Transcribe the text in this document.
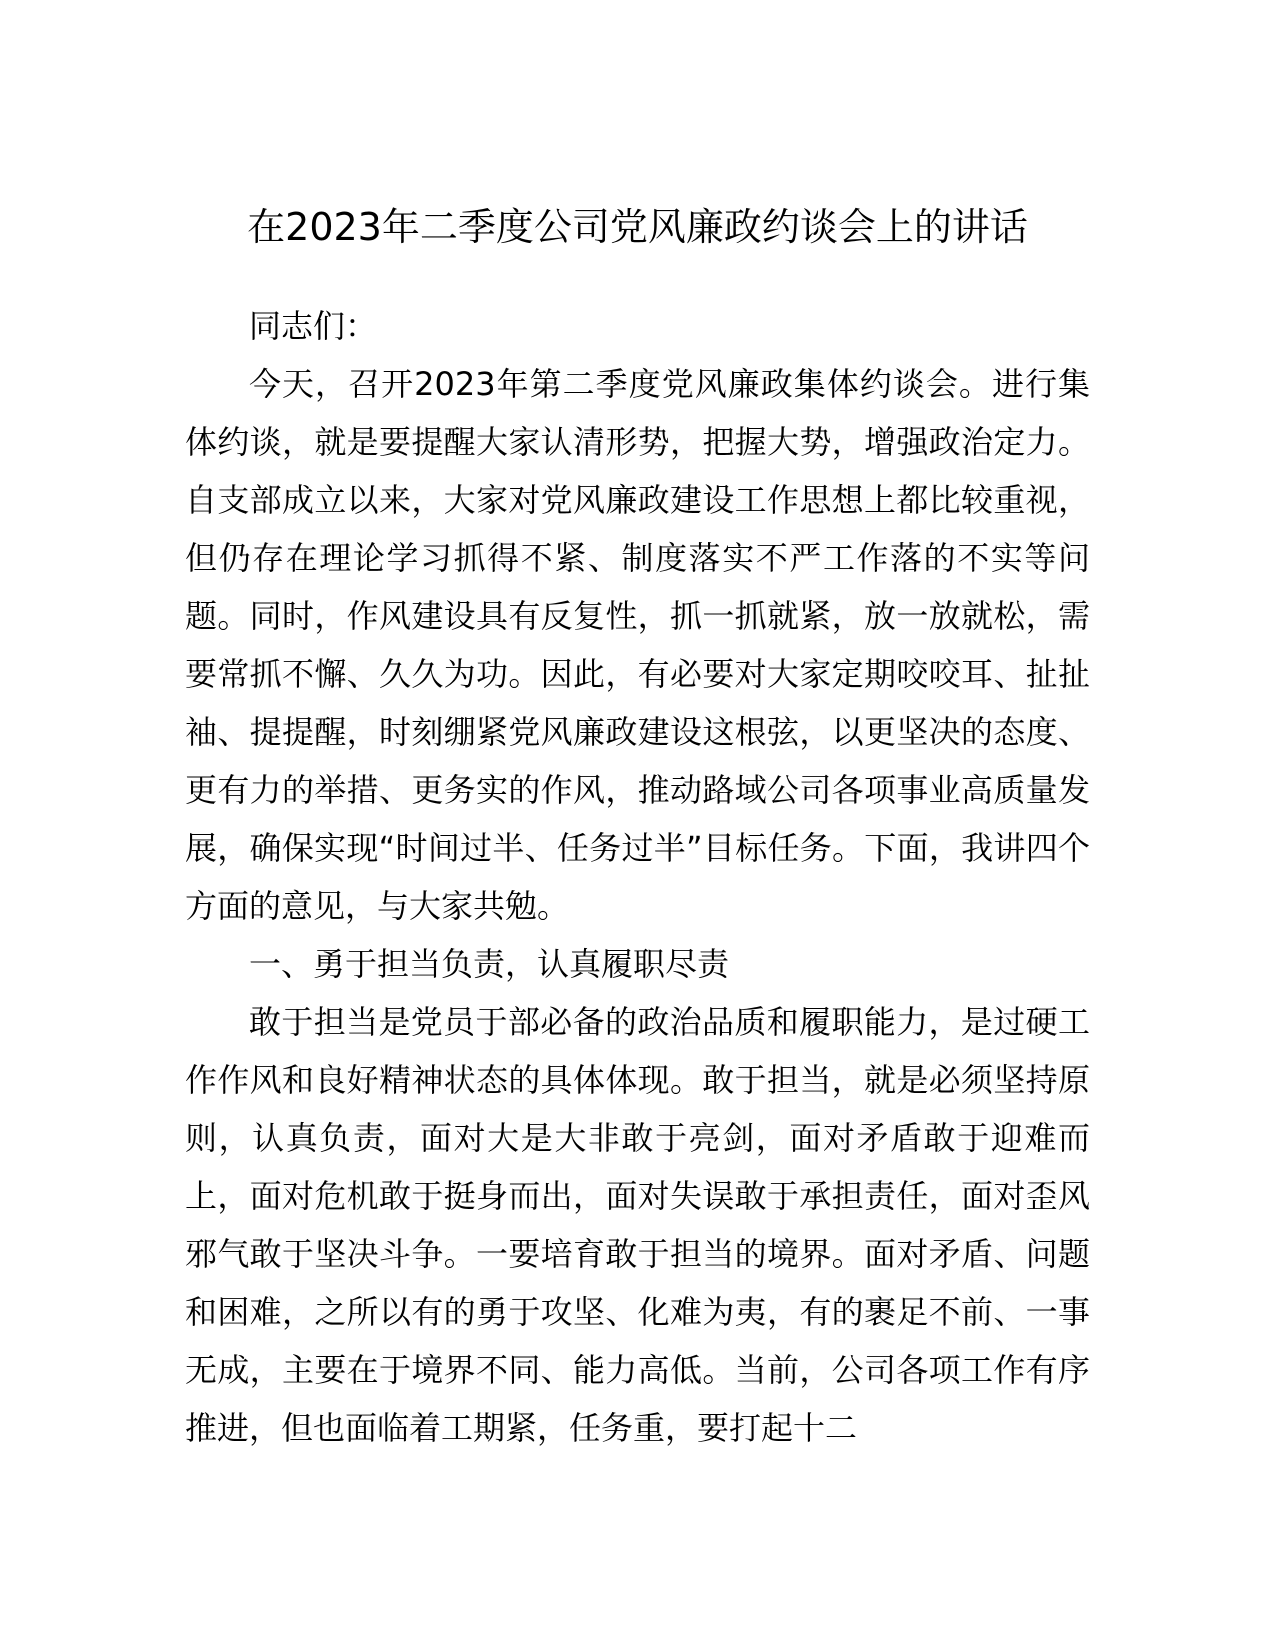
在2023年二季度公司党风廉政约谈会上的讲话

同志们：

今天，召开2023年第二季度党风廉政集体约谈会。进行集体约谈，就是要提醒大家认清形势，把握大势，增强政治定力。自支部成立以来，大家对党风廉政建设工作思想上都比较重视，但仍存在理论学习抓得不紧、制度落实不严工作落的不实等问题。同时，作风建设具有反复性，抓一抓就紧，放一放就松，需要常抓不懈、久久为功。因此，有必要对大家定期咬咬耳、扯扯袖、提提醒，时刻绷紧党风廉政建设这根弦，以更坚决的态度、更有力的举措、更务实的作风，推动路域公司各项事业高质量发展，确保实现“时间过半、任务过半”目标任务。下面，我讲四个方面的意见，与大家共勉。

一、勇于担当负责，认真履职尽责

敢于担当是党员于部必备的政治品质和履职能力，是过硬工作作风和良好精神状态的具体体现。敢于担当，就是必须坚持原则，认真负责，面对大是大非敢于亮剑，面对矛盾敢于迎难而上，面对危机敢于挺身而出，面对失误敢于承担责任，面对歪风邪气敢于坚决斗争。一要培育敢于担当的境界。面对矛盾、问题和困难，之所以有的勇于攻坚、化难为夷，有的裹足不前、一事无成，主要在于境界不同、能力高低。当前，公司各项工作有序推进，但也面临着工期紧，任务重，要打起十二
